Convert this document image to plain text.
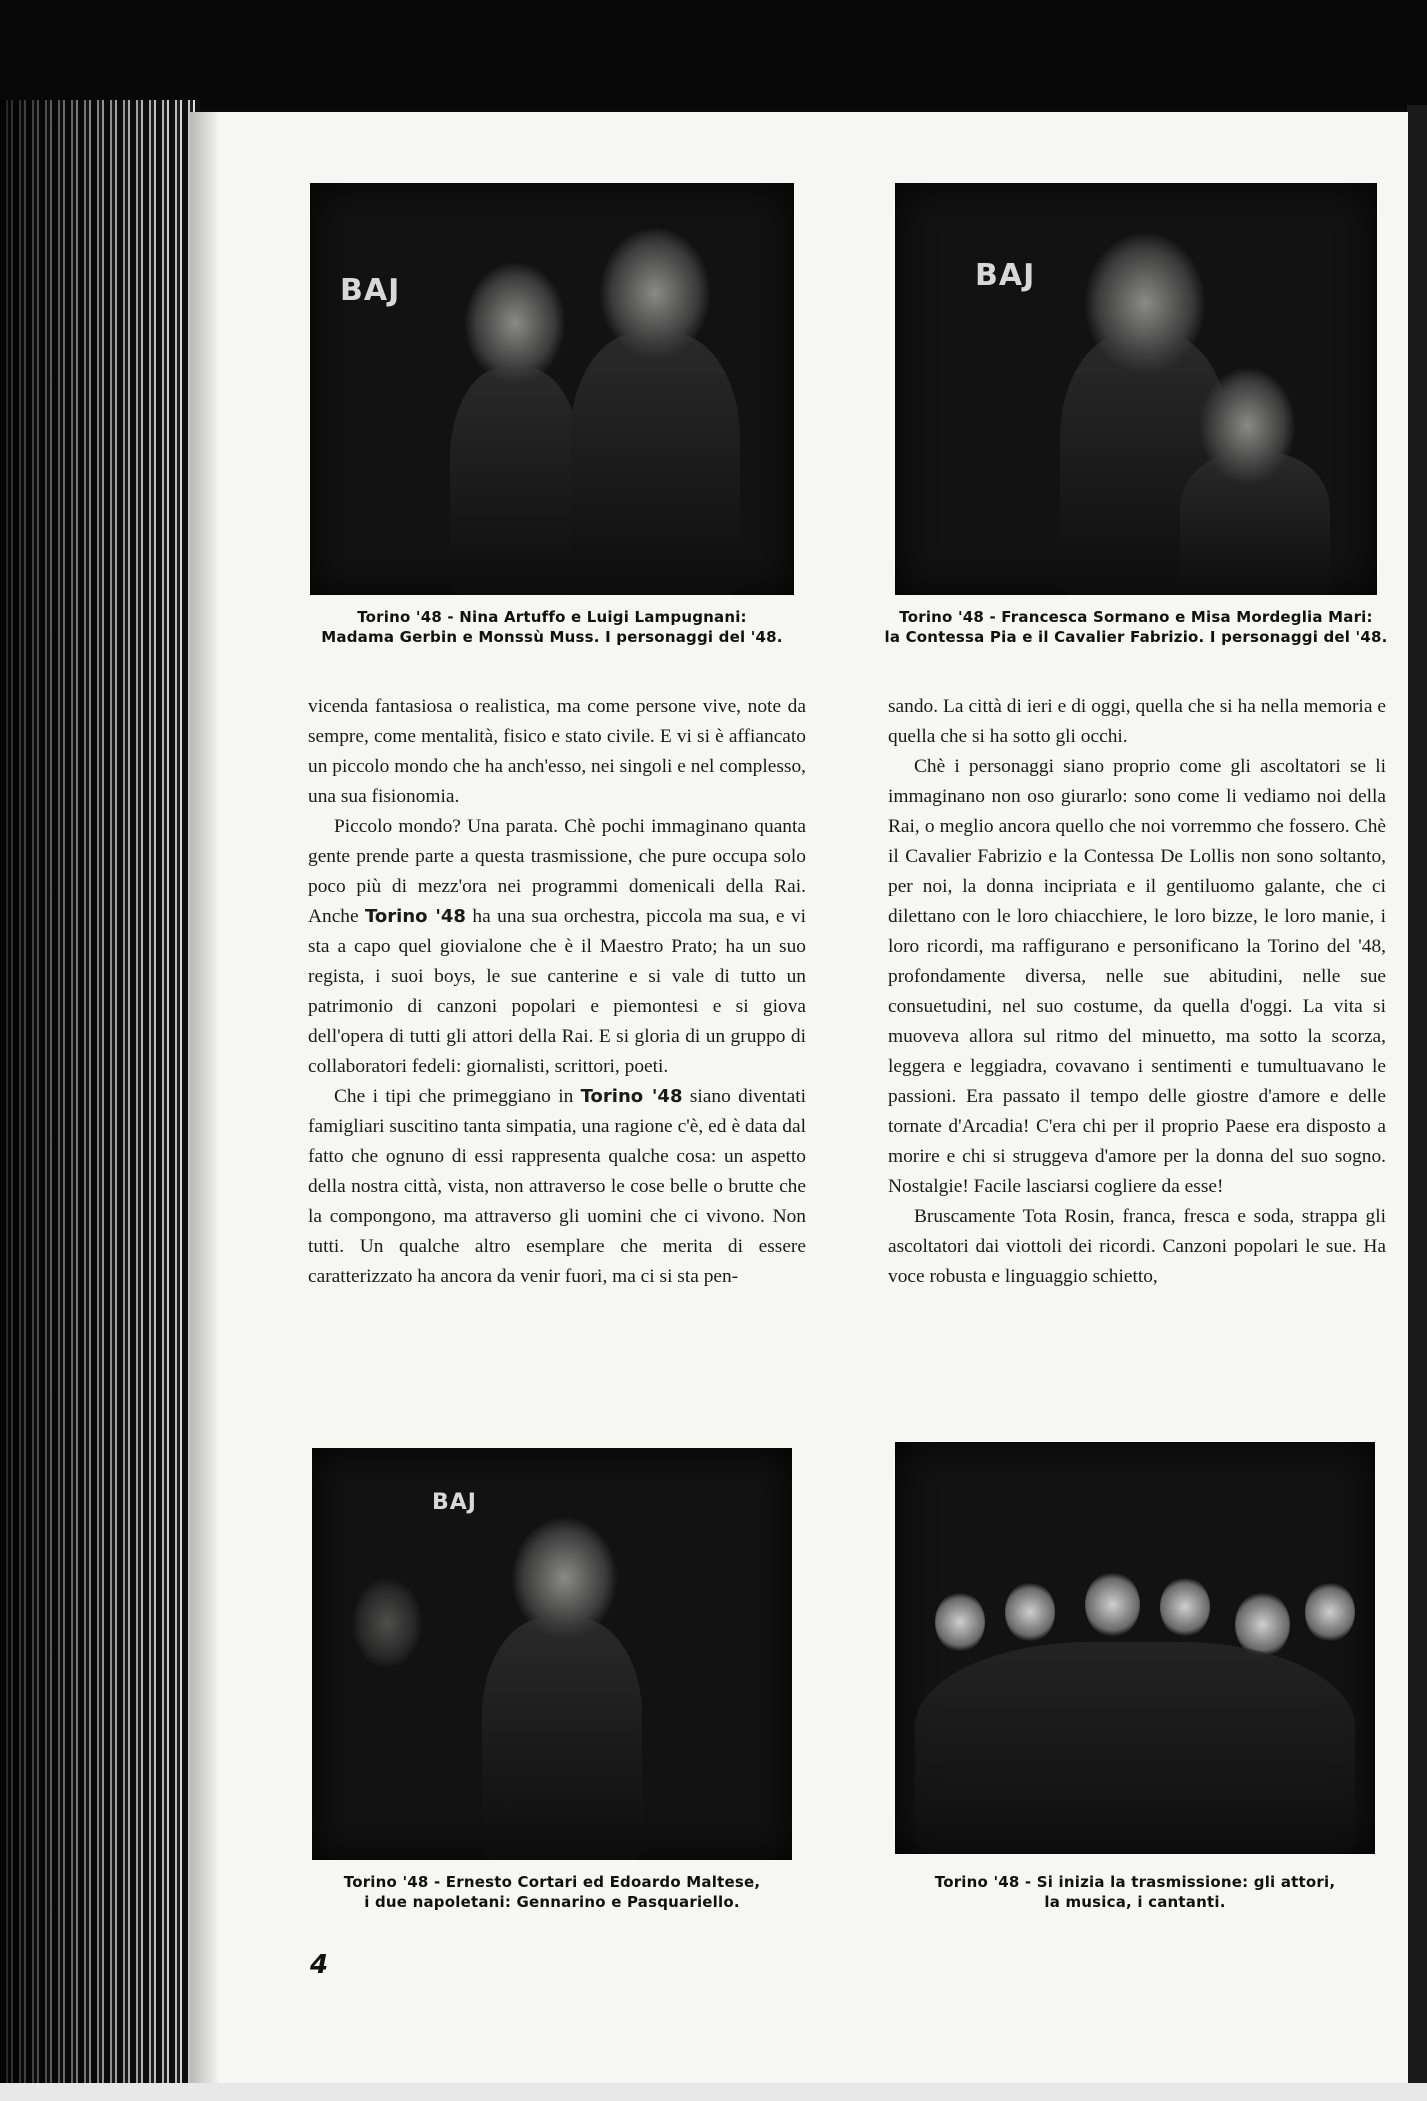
BAJ
Torino '48 - Nina Artuffo e Luigi Lampugnani:
Madama Gerbin e Monssù Muss. I personaggi del '48.
BAJ
Torino '48 - Francesca Sormano e Misa Mordeglia Mari:
la Contessa Pia e il Cavalier Fabrizio. I personaggi del '48.

vicenda fantasiosa o realistica, ma come persone vive, note da sempre, come mentalità, fisico e stato civile. E vi si è affiancato un piccolo mondo che ha anch'esso, nei singoli e nel complesso, una sua fisionomia.

Piccolo mondo? Una parata. Chè pochi immaginano quanta gente prende parte a questa trasmissione, che pure occupa solo poco più di mezz'ora nei programmi domenicali della Rai. Anche Torino '48 ha una sua orchestra, piccola ma sua, e vi sta a capo quel giovialone che è il Maestro Prato; ha un suo regista, i suoi boys, le sue canterine e si vale di tutto un patrimonio di canzoni popolari e piemontesi e si giova dell'opera di tutti gli attori della Rai. E si gloria di un gruppo di collaboratori fedeli: giornalisti, scrittori, poeti.

Che i tipi che primeggiano in Torino '48 siano diventati famigliari suscitino tanta simpatia, una ragione c'è, ed è data dal fatto che ognuno di essi rappresenta qualche cosa: un aspetto della nostra città, vista, non attraverso le cose belle o brutte che la compongono, ma attraverso gli uomini che ci vivono. Non tutti. Un qualche altro esemplare che merita di essere caratterizzato ha ancora da venir fuori, ma ci si sta pen-

sando. La città di ieri e di oggi, quella che si ha nella memoria e quella che si ha sotto gli occhi.

Chè i personaggi siano proprio come gli ascoltatori se li immaginano non oso giurarlo: sono come li vediamo noi della Rai, o meglio ancora quello che noi vorremmo che fossero. Chè il Cavalier Fabrizio e la Contessa De Lollis non sono soltanto, per noi, la donna incipriata e il gentiluomo galante, che ci dilettano con le loro chiacchiere, le loro bizze, le loro manie, i loro ricordi, ma raffigurano e personificano la Torino del '48, profondamente diversa, nelle sue abitudini, nelle sue consuetudini, nel suo costume, da quella d'oggi. La vita si muoveva allora sul ritmo del minuetto, ma sotto la scorza, leggera e leggiadra, covavano i sentimenti e tumultuavano le passioni. Era passato il tempo delle giostre d'amore e delle tornate d'Arcadia! C'era chi per il proprio Paese era disposto a morire e chi si struggeva d'amore per la donna del suo sogno. Nostalgie! Facile lasciarsi cogliere da esse!

Bruscamente Tota Rosin, franca, fresca e soda, strappa gli ascoltatori dai viottoli dei ricordi. Canzoni popolari le sue. Ha voce robusta e linguaggio schietto,

BAJ
Torino '48 - Ernesto Cortari ed Edoardo Maltese,
i due napoletani: Gennarino e Pasquariello.
Torino '48 - Si inizia la trasmissione: gli attori,
la musica, i cantanti.
4
